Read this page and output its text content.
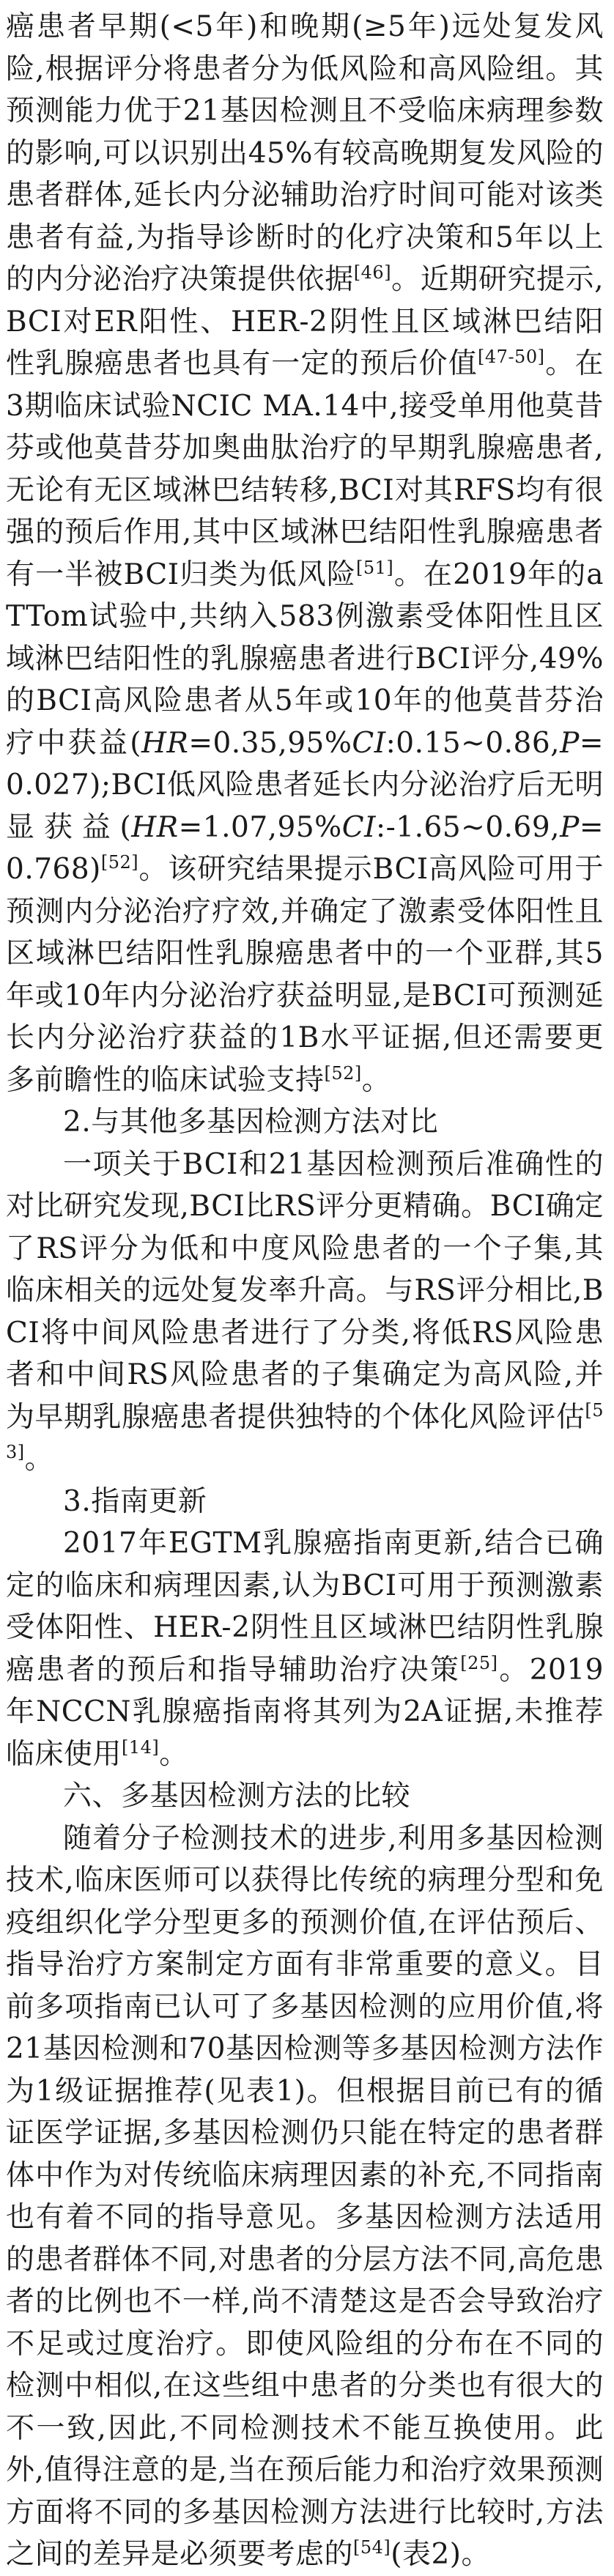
癌患者早期(<5年)和晚期(≥5年)远处复发风险,根据评分将患者分为低风险和高风险组。其预测能力优于21基因检测且不受临床病理参数的影响,可以识别出45%有较高晚期复发风险的患者群体,延长内分泌辅助治疗时间可能对该类患者有益,为指导诊断时的化疗决策和5年以上的内分泌治疗决策提供依据[46]。近期研究提示,BCI对ER阳性、HER-2阴性且区域淋巴结阳性乳腺癌患者也具有一定的预后价值[47-50]。在3期临床试验NCIC MA.14中,接受单用他莫昔芬或他莫昔芬加奥曲肽治疗的早期乳腺癌患者,无论有无区域淋巴结转移,BCI对其RFS均有很强的预后作用,其中区域淋巴结阳性乳腺癌患者有一半被BCI归类为低风险[51]。在2019年的aTTom试验中,共纳入583例激素受体阳性且区域淋巴结阳性的乳腺癌患者进行BCI评分,49%的BCI高风险患者从5年或10年的他莫昔芬治疗中获益(HR=0.35,95%CI:0.15~0.86,P=0.027);BCI低风险患者延长内分泌治疗后无明显获益(HR=1.07,95%CI:-1.65~0.69,P=0.768)[52]。该研究结果提示BCI高风险可用于预测内分泌治疗疗效,并确定了激素受体阳性且区域淋巴结阳性乳腺癌患者中的一个亚群,其5年或10年内分泌治疗获益明显,是BCI可预测延长内分泌治疗获益的1B水平证据,但还需要更多前瞻性的临床试验支持[52]。

2.与其他多基因检测方法对比

一项关于BCI和21基因检测预后准确性的对比研究发现,BCI比RS评分更精确。BCI确定了RS评分为低和中度风险患者的一个子集,其临床相关的远处复发率升高。与RS评分相比,BCI将中间风险患者进行了分类,将低RS风险患者和中间RS风险患者的子集确定为高风险,并为早期乳腺癌患者提供独特的个体化风险评估[53]。

3.指南更新

2017年EGTM乳腺癌指南更新,结合已确定的临床和病理因素,认为BCI可用于预测激素受体阳性、HER-2阴性且区域淋巴结阴性乳腺癌患者的预后和指导辅助治疗决策[25]。2019年NCCN乳腺癌指南将其列为2A证据,未推荐临床使用[14]。

六、多基因检测方法的比较

随着分子检测技术的进步,利用多基因检测技术,临床医师可以获得比传统的病理分型和免疫组织化学分型更多的预测价值,在评估预后、指导治疗方案制定方面有非常重要的意义。目前多项指南已认可了多基因检测的应用价值,将21基因检测和70基因检测等多基因检测方法作为1级证据推荐(见表1)。但根据目前已有的循证医学证据,多基因检测仍只能在特定的患者群体中作为对传统临床病理因素的补充,不同指南也有着不同的指导意见。多基因检测方法适用的患者群体不同,对患者的分层方法不同,高危患者的比例也不一样,尚不清楚这是否会导致治疗不足或过度治疗。即使风险组的分布在不同的检测中相似,在这些组中患者的分类也有很大的不一致,因此,不同检测技术不能互换使用。此外,值得注意的是,当在预后能力和治疗效果预测方面将不同的多基因检测方法进行比较时,方法之间的差异是必须要考虑的[54](表2)。
